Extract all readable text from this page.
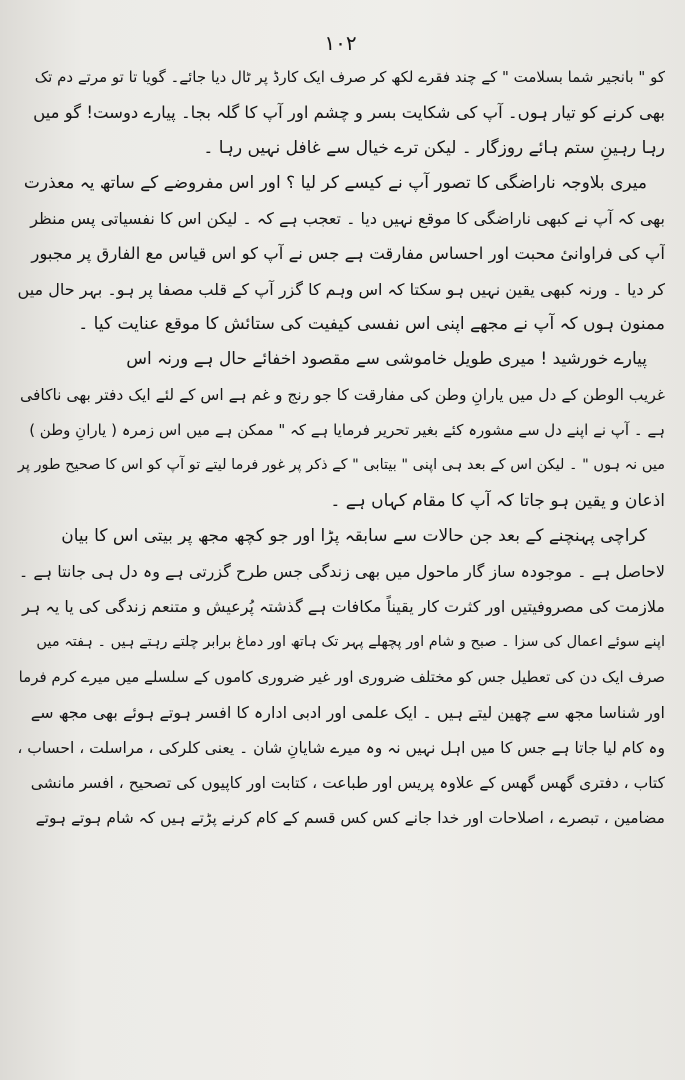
١٠٢
کو " بانجیر شما بسلامت " کے چند فقرے لکھ کر صرف ایک کارڈ پر ٹال دیا جائے۔ گویا تا تو مرتے دم تک
بھی کرنے کو تیار ہوں۔ آپ کی شکایت بسر و چشم اور آپ کا گلہ بجا۔ پیارے دوست! گو میں
رہا رہینِ ستم ہائے روزگار ۔ لیکن ترے خیال سے غافل نہیں رہا ۔
میری بلاوجہ ناراضگی کا تصور آپ نے کیسے کر لیا ؟ اور اس مفروضے کے ساتھ یہ معذرت
بھی کہ آپ نے کبھی ناراضگی کا موقع نہیں دیا ۔ تعجب ہے کہ ۔ لیکن اس کا نفسیاتی پس منظر
آپ کی فراوانیٔ محبت اور احساس مفارقت ہے جس نے آپ کو اس قیاس مع الفارق پر مجبور
کر دیا ۔ ورنہ کبھی یقین نہیں ہو سکتا کہ اس وہم کا گزر آپ کے قلب مصفا پر ہو۔ بہر حال میں
ممنون ہوں کہ آپ نے مجھے اپنی اس نفسی کیفیت کی ستائش کا موقع عنایت کیا ۔
پیارے خورشید ! میری طویل خاموشی سے مقصود اخفائے حال ہے ورنہ اس
غریب الوطن کے دل میں یارانِ وطن کی مفارقت کا جو رنج و غم ہے اس کے لئے ایک دفتر بھی ناکافی
ہے ۔ آپ نے اپنے دل سے مشورہ کئے بغیر تحریر فرمایا ہے کہ " ممکن ہے میں اس زمرہ ( یارانِ وطن )
میں نہ ہوں " ۔ لیکن اس کے بعد ہی اپنی " بیتابی " کے ذکر پر غور فرما لیتے تو آپ کو اس کا صحیح طور پر
اذعان و یقین ہو جاتا کہ آپ کا مقام کہاں ہے ۔
کراچی پہنچنے کے بعد جن حالات سے سابقہ پڑا اور جو کچھ مجھ پر بیتی اس کا بیان
لاحاصل ہے ۔ موجودہ ساز گار ماحول میں بھی زندگی جس طرح گزرتی ہے وہ دل ہی جانتا ہے ۔
ملازمت کی مصروفیتیں اور کثرت کار یقیناً مکافات ہے گذشتہ پُرعیش و متنعم زندگی کی یا یہ ہر
اپنے سوئے اعمال کی سزا ۔ صبح و شام اور پچھلے پہر تک ہاتھ اور دماغ برابر چلتے رہتے ہیں ۔ ہفتہ میں
صرف ایک دن کی تعطیل جس کو مختلف ضروری اور غیر ضروری کاموں کے سلسلے میں میرے کرم فرما
اور شناسا مجھ سے چھین لیتے ہیں ۔ ایک علمی اور ادبی ادارہ کا افسر ہوتے ہوئے بھی مجھ سے
وہ کام لیا جاتا ہے جس کا میں اہل نہیں نہ وہ میرے شایانِ شان ۔ یعنی کلرکی ، مراسلت ، احساب ،
کتاب ، دفتری گھس گھس کے علاوہ پریس اور طباعت ، کتابت اور کاپیوں کی تصحیح ، افسر مانشی
مضامین ، تبصرے ، اصلاحات اور خدا جانے کس کس قسم کے کام کرنے پڑتے ہیں کہ شام ہوتے ہوتے
